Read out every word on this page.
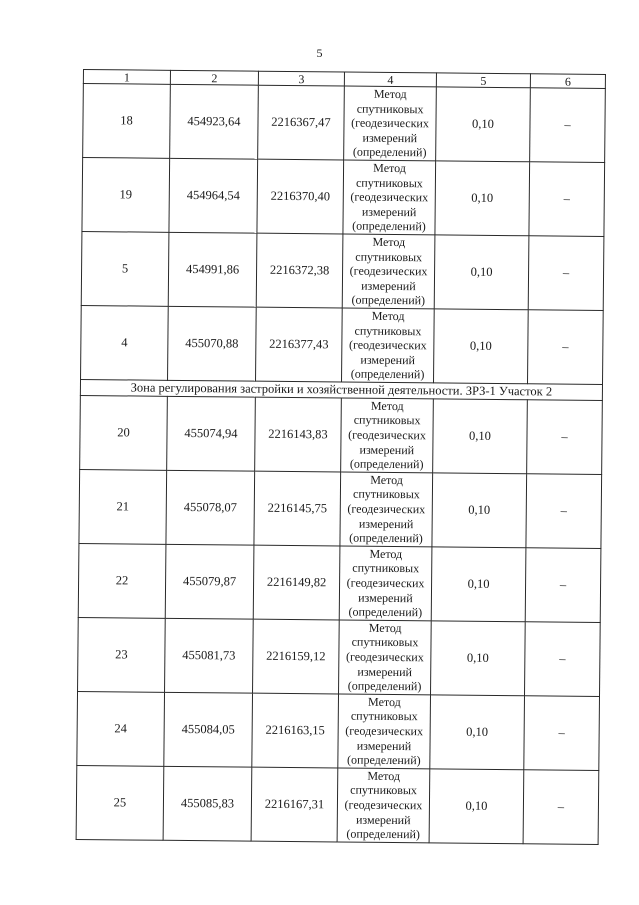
5
1	2	3	4	5	6
18	454923,64	2216367,47	Метод
спутниковых
(геодезических
измерений
(определений)	0,10	–
19	454964,54	2216370,40	Метод
спутниковых
(геодезических
измерений
(определений)	0,10	–
5	454991,86	2216372,38	Метод
спутниковых
(геодезических
измерений
(определений)	0,10	–
4	455070,88	2216377,43	Метод
спутниковых
(геодезических
измерений
(определений)	0,10	–
Зона регулирования застройки и хозяйственной деятельности. ЗРЗ-1 Участок 2					
20	455074,94	2216143,83	Метод
спутниковых
(геодезических
измерений
(определений)	0,10	–
21	455078,07	2216145,75	Метод
спутниковых
(геодезических
измерений
(определений)	0,10	–
22	455079,87	2216149,82	Метод
спутниковых
(геодезических
измерений
(определений)	0,10	–
23	455081,73	2216159,12	Метод
спутниковых
(геодезических
измерений
(определений)	0,10	–
24	455084,05	2216163,15	Метод
спутниковых
(геодезических
измерений
(определений)	0,10	–
25	455085,83	2216167,31	Метод
спутниковых
(геодезических
измерений
(определений)	0,10	–
